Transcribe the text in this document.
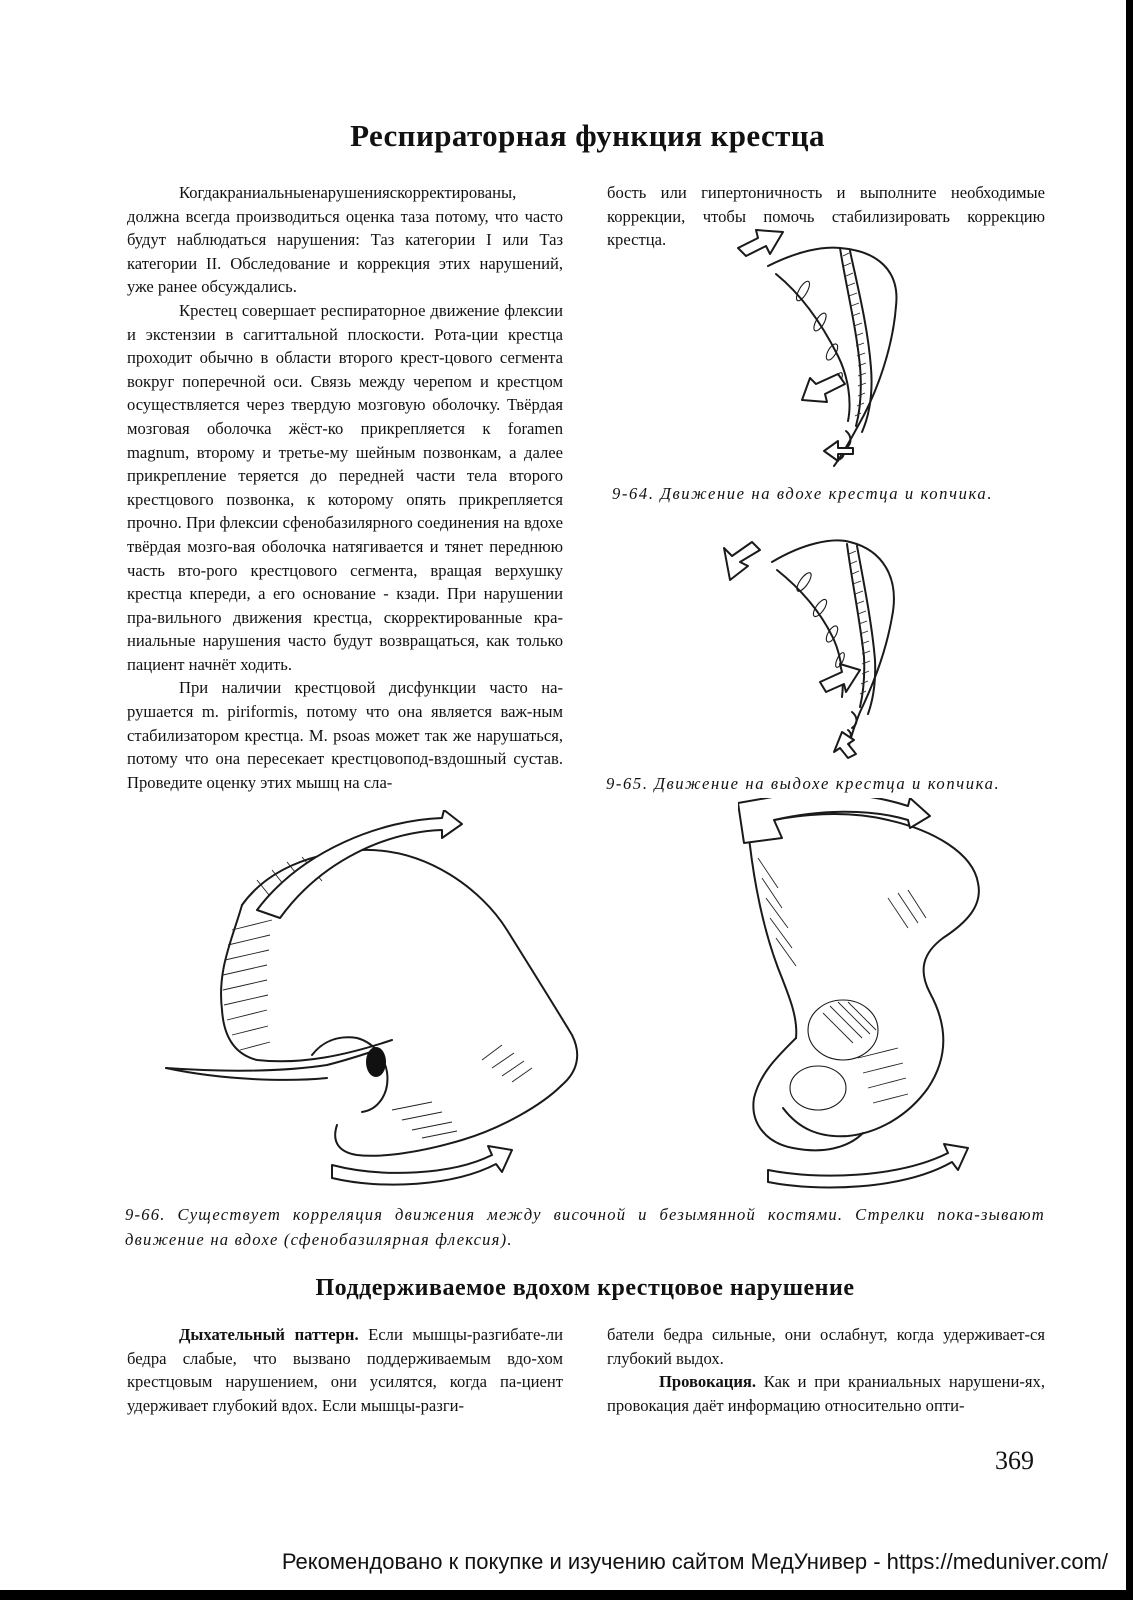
Респираторная функция крестца

Когдакраниальныенарушенияскорректированы, должна всегда производиться оценка таза потому, что часто будут наблюдаться нарушения: Таз категории I или Таз категории II. Обследование и коррекция этих нарушений, уже ранее обсуждались.

Крестец совершает респираторное движение флексии и экстензии в сагиттальной плоскости. Рота-ции крестца проходит обычно в области второго крест-цового сегмента вокруг поперечной оси. Связь между черепом и крестцом осуществляется через твердую мозговую оболочку. Твёрдая мозговая оболочка жёст-ко прикрепляется к foramen magnum, второму и третье-му шейным позвонкам, а далее прикрепление теряется до передней части тела второго крестцового позвонка, к которому опять прикрепляется прочно. При флексии сфенобазилярного соединения на вдохе твёрдая мозго-вая оболочка натягивается и тянет переднюю часть вто-рого крестцового сегмента, вращая верхушку крестца кпереди, а его основание - кзади. При нарушении пра-вильного движения крестца, скорректированные кра-ниальные нарушения часто будут возвращаться, как только пациент начнёт ходить.

При наличии крестцовой дисфункции часто на-рушается m. piriformis, потому что она является важ-ным стабилизатором крестца. M. psoas может так же нарушаться, потому что она пересекает крестцовопод-вздошный сустав. Проведите оценку этих мышц на сла-

бость или гипертоничность и выполните необходимые коррекции, чтобы помочь стабилизировать коррекцию крестца.

9-64. Движение на вдохе крестца и копчика.

9-65. Движение на выдохе крестца и копчика.

9-66. Существует корреляция движения между височной и безымянной костями. Стрелки пока-зывают движение на вдохе (сфенобазилярная флексия).

Поддерживаемое вдохом крестцовое нарушение

Дыхательный паттерн. Если мышцы-разгибате-ли бедра слабые, что вызвано поддерживаемым вдо-хом крестцовым нарушением, они усилятся, когда па-циент удерживает глубокий вдох. Если мышцы-разги-

батели бедра сильные, они ослабнут, когда удерживает-ся глубокий выдох.

Провокация. Как и при краниальных нарушени-ях, провокация даёт информацию относительно опти-

369

Рекомендовано к покупке и изучению сайтом МедУнивер - https://meduniver.com/
